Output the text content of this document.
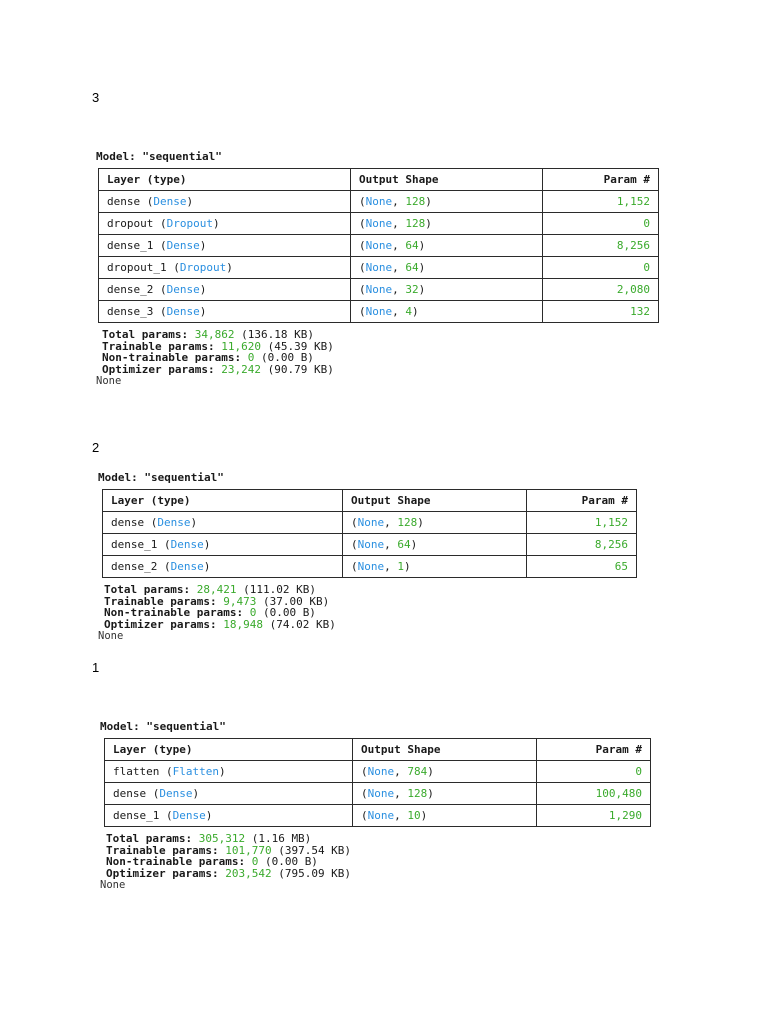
3
Model: "sequential"
Layer (type)	Output Shape	Param #
dense (Dense)	(None, 128)	1,152
dropout (Dropout)	(None, 128)	0
dense_1 (Dense)	(None, 64)	8,256
dropout_1 (Dropout)	(None, 64)	0
dense_2 (Dense)	(None, 32)	2,080
dense_3 (Dense)	(None, 4)	132
Total params: 34,862 (136.18 KB)
Trainable params: 11,620 (45.39 KB)
Non-trainable params: 0 (0.00 B)
Optimizer params: 23,242 (90.79 KB)
None
2
Model: "sequential"
Layer (type)	Output Shape	Param #
dense (Dense)	(None, 128)	1,152
dense_1 (Dense)	(None, 64)	8,256
dense_2 (Dense)	(None, 1)	65
Total params: 28,421 (111.02 KB)
Trainable params: 9,473 (37.00 KB)
Non-trainable params: 0 (0.00 B)
Optimizer params: 18,948 (74.02 KB)
None
1
Model: "sequential"
Layer (type)	Output Shape	Param #
flatten (Flatten)	(None, 784)	0
dense (Dense)	(None, 128)	100,480
dense_1 (Dense)	(None, 10)	1,290
Total params: 305,312 (1.16 MB)
Trainable params: 101,770 (397.54 KB)
Non-trainable params: 0 (0.00 B)
Optimizer params: 203,542 (795.09 KB)
None
